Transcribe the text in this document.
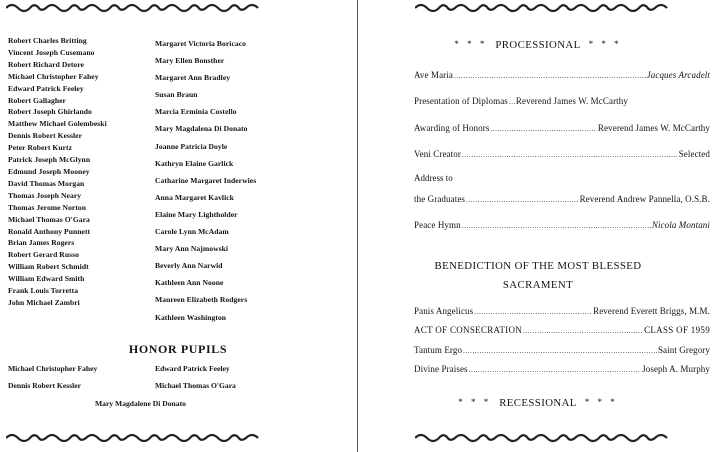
Robert Charles Britting
Vincent Joseph Cusemano
Robert Richard Detore
Michael Christopher Fahey
Edward Patrick Feeley
Robert Gallagher
Robert Joseph Ghirlando
Matthew Michael Golembeski
Dennis Robert Kessler
Peter Robert Kurtz
Patrick Joseph McGlynn
Edmund Joseph Mooney
David Thomas Morgan
Thomas Joseph Neary
Thomas Jerome Norton
Michael Thomas O'Gara
Ronald Anthony Punnett
Brian James Rogers
Robert Gerard Russo
William Robert Schmidt
William Edward Smith
Frank Louis Torretta
John Michael Zambri
Margaret Victoria Boricaco
Mary Ellen Bonsther
Margaret Ann Bradley
Susan Braun
Marcia Erminia Costello
Mary Magdalena Di Donato
Joanne Patricia Doyle
Kathryn Elaine Garlick
Catharine Margaret Inderwies
Anna Margaret Kavlick
Elaine Mary Lightholder
Carole Lynn McAdam
Mary Ann Najmowski
Beverly Ann Narwid
Kathleen Ann Noone
Maureen Elizabeth Rodgers
Kathleen Washington
HONOR PUPILS
Michael Christopher Fahey	Edward Patrick Feeley
Dennis Robert Kessler	Michael Thomas O'Gara
Mary Magdalene Di Donato
* * * PROCESSIONAL * * *
Ave Maria .....	Jacques Arcadelt
Presentation of Diplomas ..... Reverend James W. McCarthy
Awarding of Honors .....	Reverend James W. McCarthy
Veni Creator .....	Selected
Address to
the Graduates .....	Reverend Andrew Pannella, O.S.B.
Peace Hymn .....	Nicola Montani
BENEDICTION OF THE MOST BLESSED
SACRAMENT
Panis Angelicus .....	Reverend Everett Briggs, M.M.
ACT OF CONSECRATION .....	CLASS OF 1959
Tantum Ergo .....	Saint Gregory
Divine Praises .....	Joseph A. Murphy
* * * RECESSIONAL * * *
